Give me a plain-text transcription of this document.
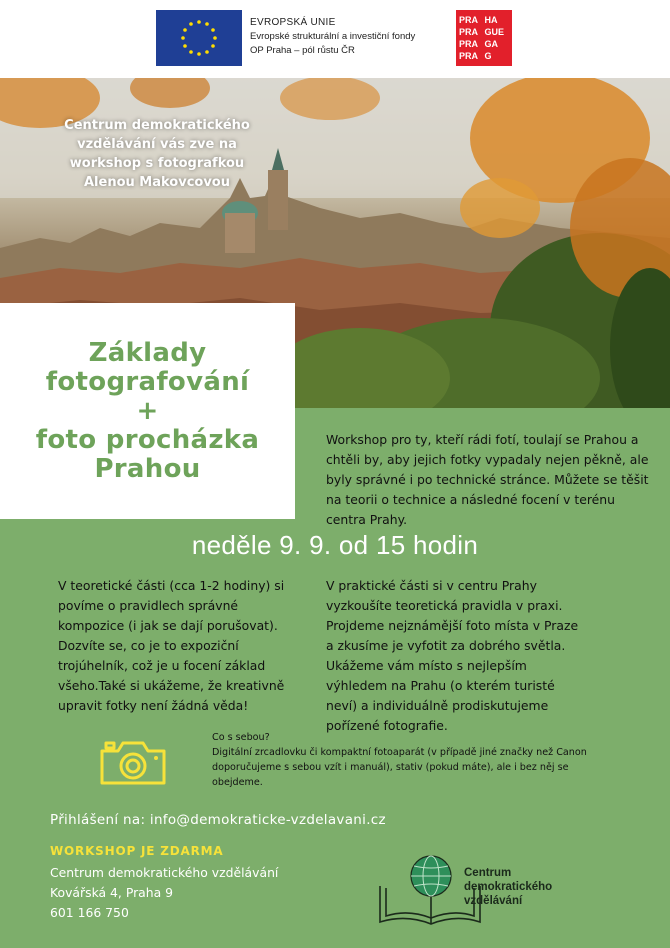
EVROPSKÁ UNIE
Evropské strukturální a investiční fondy
OP Praha – pól růstu ČR
PRA HA
PRA GUE
PRA GA
PRA G
Centrum demokratického
vzdělávání vás zve na
workshop s fotografkou
Alenou Makovcovou
Základy
fotografování
+
foto procházka
Prahou
Workshop pro ty, kteří rádi fotí, toulají se Prahou a chtěli by, aby jejich fotky vypadaly nejen pěkně, ale byly správné i po technické stránce. Můžete se těšit na teorii o technice a následné focení v terénu centra Prahy.
neděle 9. 9. od 15 hodin
V teoretické části (cca 1-2 hodiny) si povíme o pravidlech správné kompozice (i jak se dají porušovat). Dozvíte se, co je to expoziční trojúhelník, což je u focení základ všeho.Také si ukážeme, že kreativně upravit fotky není žádná věda!
V praktické části si v centru Prahy vyzkoušíte teoretická pravidla v praxi. Projdeme nejznámější foto místa v Praze a zkusíme je vyfotit za dobrého světla. Ukážeme vám místo s nejlepším výhledem na Prahu (o kterém turisté neví) a individuálně prodiskutujeme pořízené fotografie.
Co s sebou?
Digitální zrcadlovku či kompaktní fotoaparát (v případě jiné značky než Canon doporučujeme s sebou vzít i manuál), stativ (pokud máte), ale i bez něj se obejdeme.
Přihlášení na: info@demokraticke-vzdelavani.cz
WORKSHOP JE ZDARMA
Centrum demokratického vzdělávání
Kovářská 4, Praha 9
601 166 750
Centrum
demokratického
vzdělávání
